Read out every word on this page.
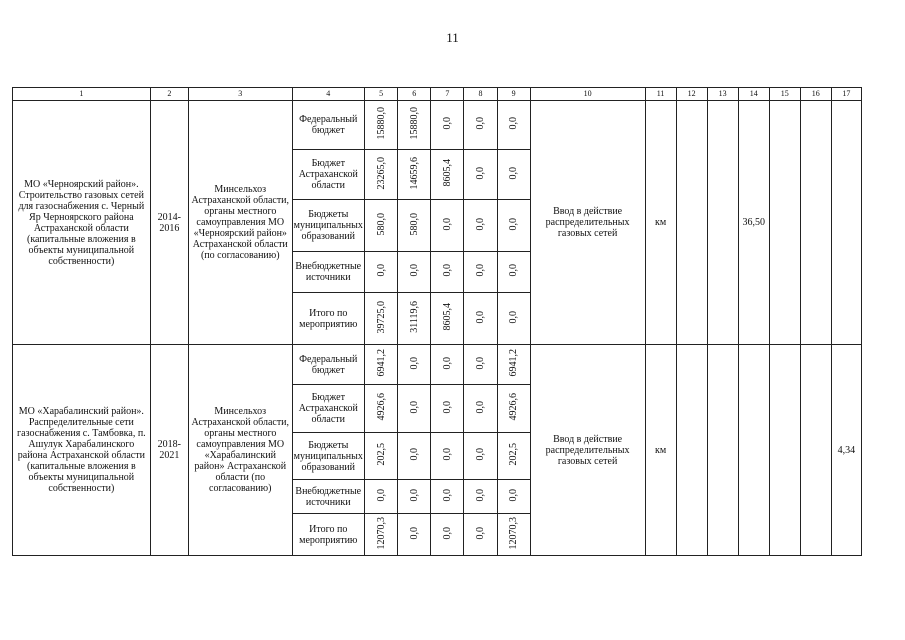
11
1	2	3	4	5	6	7	8	9	10	11	12	13	14	15	16	17
МО «Черноярский район». Строительство газовых сетей для газоснабжения с. Черный Яр Черноярского района Астраханской области (капитальные вложения в объекты муниципальной собственности)	2014-2016	Минсельхоз Астраханской области, органы местного самоуправления МО «Черноярский район» Астраханской области (по согласованию)	Федеральный бюджет	15880,0	15880,0	0,0	0,0	0,0	Ввод в действие распределительных газовых сетей	км			36,50			
			Бюджет Астраханской области	23265,0	14659,6	8605,4	0,0	0,0								
			Бюджеты муниципальных образований	580,0	580,0	0,0	0,0	0,0								
			Внебюджетные источники	0,0	0,0	0,0	0,0	0,0								
			Итого по мероприятию	39725,0	31119,6	8605,4	0,0	0,0								
МО «Харабалинский район». Распределительные сети газоснабжения с. Тамбовка, п. Ашулук Харабалинского района Астраханской области (капитальные вложения в объекты муниципальной собственности)	2018-2021	Минсельхоз Астраханской области, органы местного самоуправления МО «Харабалинский район» Астраханской области (по согласованию)	Федеральный бюджет	6941,2	0,0	0,0	0,0	6941,2	Ввод в действие распределительных газовых сетей	км						4,34
			Бюджет Астраханской области	4926,6	0,0	0,0	0,0	4926,6								
			Бюджеты муниципальных образований	202,5	0,0	0,0	0,0	202,5								
			Внебюджетные источники	0,0	0,0	0,0	0,0	0,0								
			Итого по мероприятию	12070,3	0,0	0,0	0,0	12070,3								
